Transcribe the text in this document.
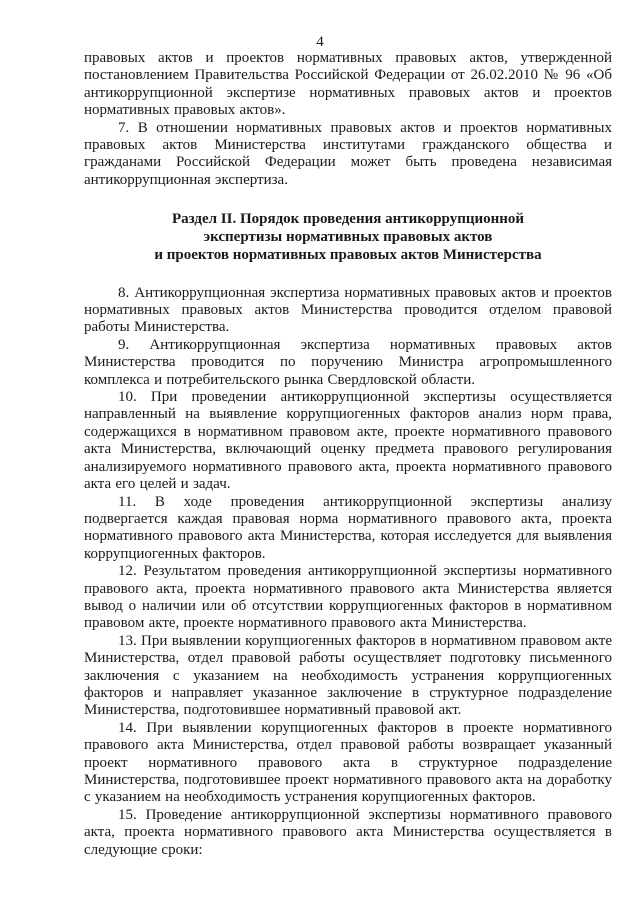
4

правовых актов и проектов нормативных правовых актов, утвержденной постановлением Правительства Российской Федерации от 26.02.2010 № 96 «Об антикоррупционной экспертизе нормативных правовых актов и проектов нормативных правовых актов».

7. В отношении нормативных правовых актов и проектов нормативных правовых актов Министерства институтами гражданского общества и гражданами Российской Федерации может быть проведена независимая антикоррупционная экспертиза.

Раздел II. Порядок проведения антикоррупционной
экспертизы нормативных правовых актов
и проектов нормативных правовых актов Министерства

8. Антикоррупционная экспертиза нормативных правовых актов и проектов нормативных правовых актов Министерства проводится отделом правовой работы Министерства.

9. Антикоррупционная экспертиза нормативных правовых актов Министерства проводится по поручению Министра агропромышленного комплекса и потребительского рынка Свердловской области.

10. При проведении антикоррупционной экспертизы осуществляется направленный на выявление коррупциогенных факторов анализ норм права, содержащихся в нормативном правовом акте, проекте нормативного правового акта Министерства, включающий оценку предмета правового регулирования анализируемого нормативного правового акта, проекта нормативного правового акта его целей и задач.

11. В ходе проведения антикоррупционной экспертизы анализу подвергается каждая правовая норма нормативного правового акта, проекта нормативного правового акта Министерства, которая исследуется для выявления коррупциогенных факторов.

12. Результатом проведения антикоррупционной экспертизы нормативного правового акта, проекта нормативного правового акта Министерства является вывод о наличии или об отсутствии коррупциогенных факторов в нормативном правовом акте, проекте нормативного правового акта Министерства.

13. При выявлении корупциогенных факторов в нормативном правовом акте Министерства, отдел правовой работы осуществляет подготовку письменного заключения с указанием на необходимость устранения коррупциогенных факторов и направляет указанное заключение в структурное подразделение Министерства, подготовившее нормативный правовой акт.

14. При выявлении корупциогенных факторов в проекте нормативного правового акта Министерства, отдел правовой работы возвращает указанный проект нормативного правового акта в структурное подразделение Министерства, подготовившее проект нормативного правового акта на доработку с указанием на необходимость устранения корупциогенных факторов.

15. Проведение антикоррупционной экспертизы нормативного правового акта, проекта нормативного правового акта Министерства осуществляется в следующие сроки:
